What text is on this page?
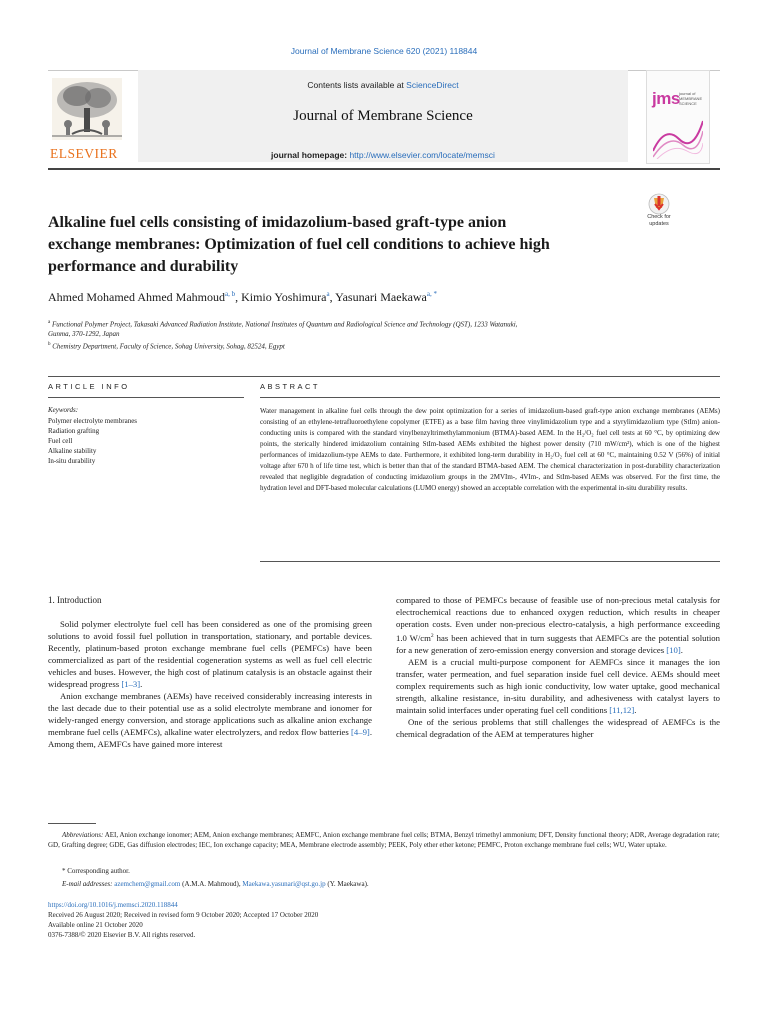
Journal of Membrane Science 620 (2021) 118844
ELSEVIER
Contents lists available at ScienceDirect
Journal of Membrane Science
journal homepage: http://www.elsevier.com/locate/memsci
jms journal of MEMBRANE SCIENCE
Alkaline fuel cells consisting of imidazolium-based graft-type anion
exchange membranes: Optimization of fuel cell conditions to achieve high
performance and durability
Check for
updates
Ahmed Mohamed Ahmed Mahmoud$^{a, b}$, Kimio Yoshimura$^a$, Yasunari Maekawa$^{a, *}$
$^a$ Functional Polymer Project, Takasaki Advanced Radiation Institute, National Institutes of Quantum and Radiological Science and Technology (QST), 1233 Watanuki,
Gunma, 370-1292, Japan
$^b$ Chemistry Department, Faculty of Science, Sohag University, Sohag, 82524, Egypt
ARTICLE INFO	ABSTRACT
Keywords:
Polymer electrolyte membranes
Radiation grafting
Fuel cell
Alkaline stability
In-situ durability
Water management in alkaline fuel cells through the dew point optimization for a series of imidazolium-based graft-type anion exchange membranes (AEMs) consisting of an ethylene-tetrafluoroethylene copolymer (ETFE) as a base film having three vinylimidazolium type and a styrylimidazolium type (StIm) anion-conducting units is compared with the standard vinylbenzyltrimethylammonium (BTMA)-based AEM. In the H₂/O₂ fuel cell tests at 60 °C, by optimizing dew points, the sterically hindered imidazolium containing StIm-based AEMs exhibited the highest power density (710 mW/cm²), which is one of the highest performances of imidazolium-type AEMs to date. Furthermore, it exhibited long-term durability in H₂/O₂ fuel cell at 60 °C, maintaining 0.52 V (56%) of initial voltage after 670 h of life time test, which is better than that of the standard BTMA-based AEM. The chemical characterization in post-durability characterization revealed that negligible degradation of conducting imidazolium groups in the 2MVIm-, 4VIm-, and StIm-based AEMs was observed. For the first time, the hydration level and DFT-based molecular calculations (LUMO energy) showed an acceptable correlation with the experimental in-situ durability results.
1. Introduction

Solid polymer electrolyte fuel cell has been considered as one of the promising green solutions to avoid fossil fuel pollution in transportation, stationary, and portable devices. Recently, platinum-based proton exchange membrane fuel cells (PEMFCs) have been commercialized as part of the residential cogeneration systems as well as fuel cell electric vehicles and buses. However, the high cost of platinum catalysis is an obstacle against their widespread progress [1–3].

Anion exchange membranes (AEMs) have received considerably increasing interests in the last decade due to their potential use as a solid electrolyte membrane and ionomer for widely-ranged energy conversion, and storage applications such as alkaline anion exchange membrane fuel cells (AEMFCs), alkaline water electrolyzers, and redox flow batteries [4–9]. Among them, AEMFCs have gained more interest

compared to those of PEMFCs because of feasible use of non-precious metal catalysis for electrochemical reactions due to enhanced oxygen reduction, which results in cheaper operation costs. Even under non-precious electro-catalysis, a high performance exceeding 1.0 $W/cm^2$ has been achieved that in turn suggests that AEMFCs are the potential solution for a new generation of zero-emission energy conversion and storage devices [10].

AEM is a crucial multi-purpose component for AEMFCs since it manages the ion transfer, water permeation, and fuel separation inside fuel cell device. AEMs should meet complex requirements such as high ionic conductivity, low water uptake, good mechanical strength, alkaline resistance, in-situ durability, and adhesiveness with catalyst layers to maintain solid interfaces under operating fuel cell conditions [11,12].

One of the serious problems that still challenges the widespread of AEMFCs is the chemical degradation of the AEM at temperatures higher

Abbreviations: AEI, Anion exchange ionomer; AEM, Anion exchange membranes; AEMFC, Anion exchange membrane fuel cells; BTMA, Benzyl trimethyl ammonium; DFT, Density functional theory; ADR, Average degradation rate; GD, Grafting degree; GDE, Gas diffusion electrodes; IEC, Ion exchange capacity; MEA, Membrane electrode assembly; PEEK, Poly ether ether ketone; PEMFC, Proton exchange membrane fuel cells; WU, Water uptake.
* Corresponding author.
E-mail addresses: azemchem@gmail.com (A.M.A. Mahmoud), Maekawa.yasunari@qst.go.jp (Y. Maekawa).
https://doi.org/10.1016/j.memsci.2020.118844
Received 26 August 2020; Received in revised form 9 October 2020; Accepted 17 October 2020
Available online 21 October 2020
0376-7388/© 2020 Elsevier B.V. All rights reserved.
